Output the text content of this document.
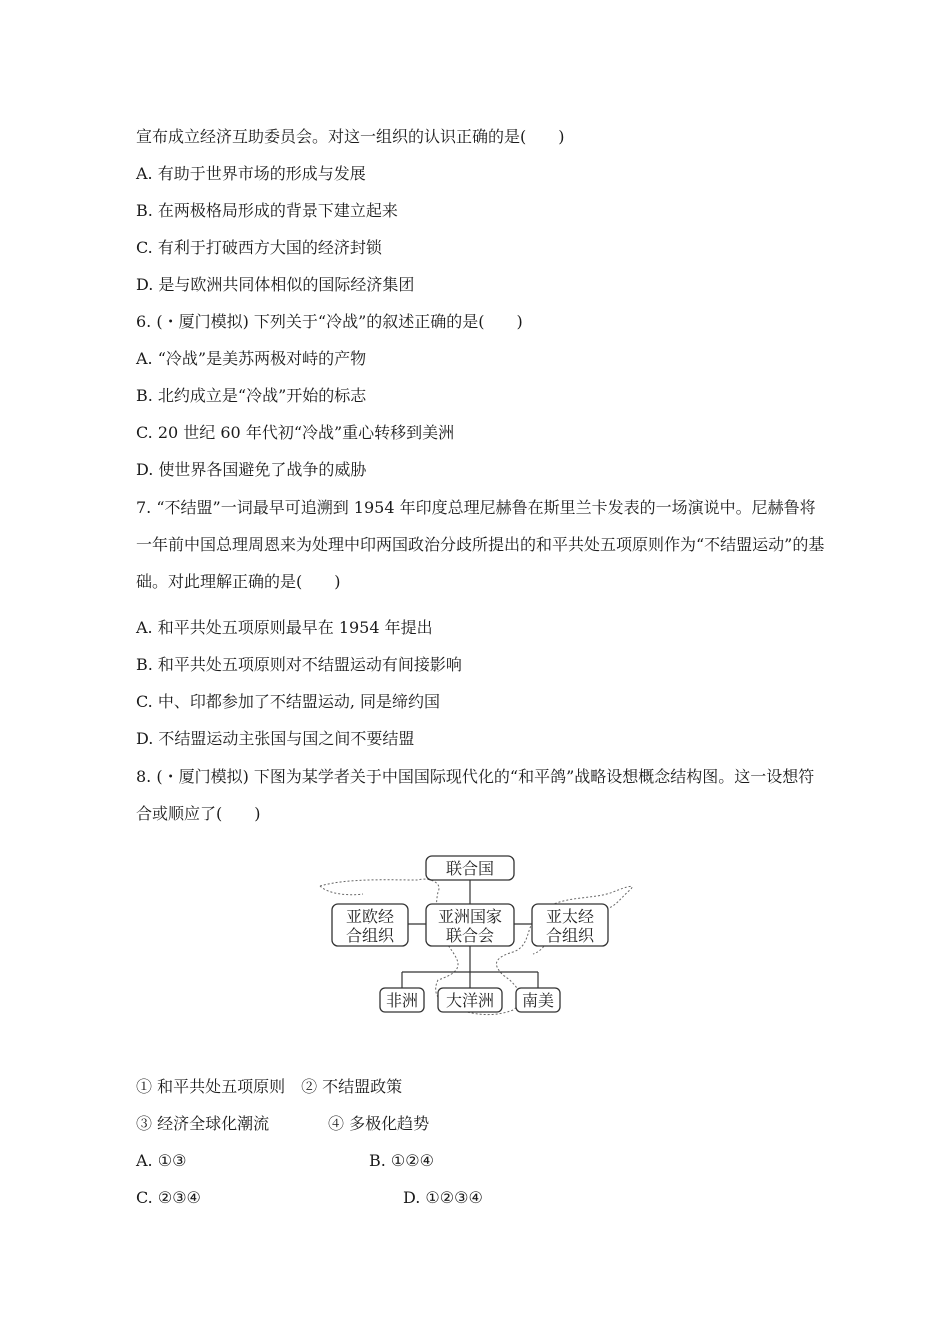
宣布成立经济互助委员会。对这一组织的认识正确的是(　　)
A. 有助于世界市场的形成与发展
B. 在两极格局形成的背景下建立起来
C. 有利于打破西方大国的经济封锁
D. 是与欧洲共同体相似的国际经济集团
6. (・厦门模拟) 下列关于“冷战”的叙述正确的是(　　)
A. “冷战”是美苏两极对峙的产物
B. 北约成立是“冷战”开始的标志
C. 20 世纪 60 年代初“冷战”重心转移到美洲
D. 使世界各国避免了战争的威胁
7. “不结盟”一词最早可追溯到 1954 年印度总理尼赫鲁在斯里兰卡发表的一场演说中。尼赫鲁将一年前中国总理周恩来为处理中印两国政治分歧所提出的和平共处五项原则作为“不结盟运动”的基础。对此理解正确的是(　　)
A. 和平共处五项原则最早在 1954 年提出
B. 和平共处五项原则对不结盟运动有间接影响
C. 中、印都参加了不结盟运动, 同是缔约国
D. 不结盟运动主张国与国之间不要结盟
8. (・厦门模拟) 下图为某学者关于中国国际现代化的“和平鸽”战略设想概念结构图。这一设想符合或顺应了(　　)
联合国
亚欧经
合组织
亚洲国家
联合会
亚太经
合组织
非洲 大洋洲 南美
① 和平共处五项原则　② 不结盟政策
③ 经济全球化潮流	④ 多极化趋势
A. ①③	B. ①②④
C. ②③④	D. ①②③④
